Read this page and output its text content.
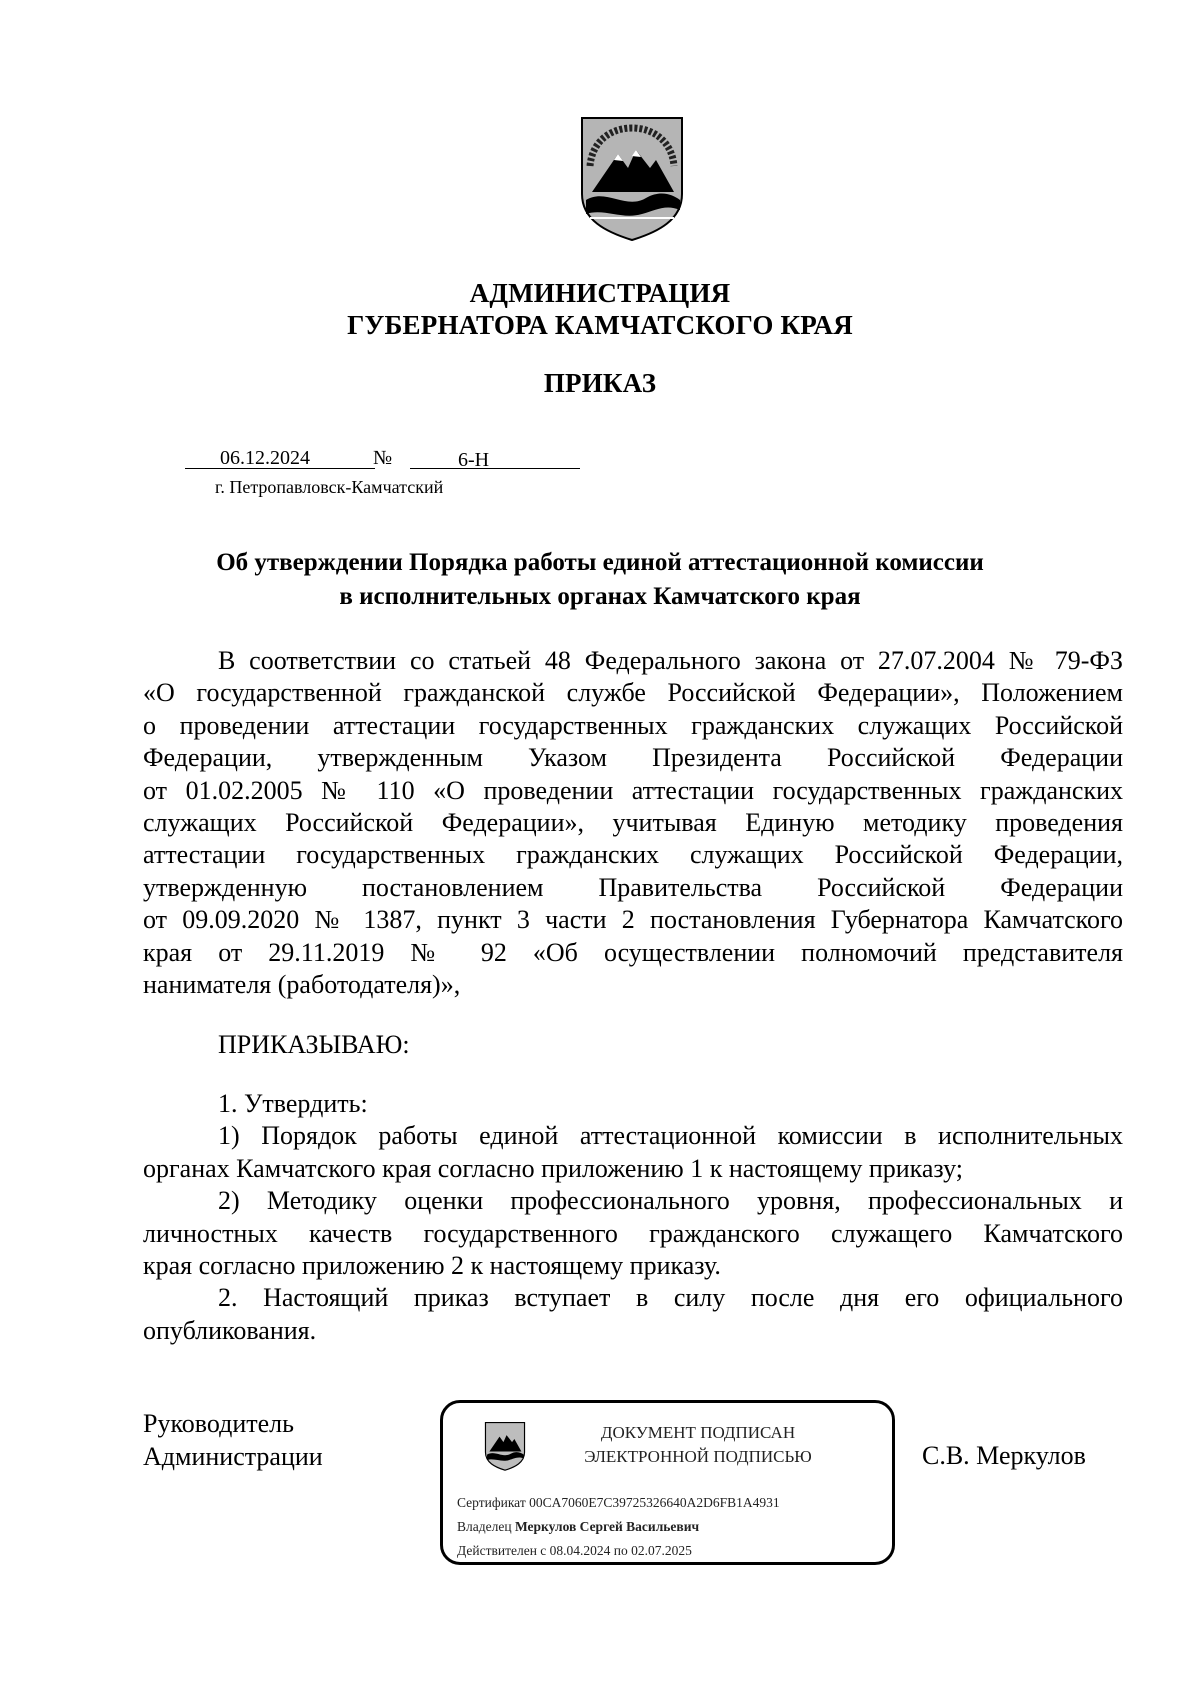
АДМИНИСТРАЦИЯ
ГУБЕРНАТОРА КАМЧАТСКОГО КРАЯ
ПРИКАЗ
06.12.2024	№	6-Н
г. Петропавловск-Камчатский
Об утверждении Порядка работы единой аттестационной комиссии
в исполнительных органах Камчатского края
В соответствии со статьей 48 Федерального закона от 27.07.2004 № 79-ФЗ
«О государственной гражданской службе Российской Федерации», Положением
о проведении аттестации государственных гражданских служащих Российской
Федерации, утвержденным Указом Президента Российской Федерации
от 01.02.2005 № 110 «О проведении аттестации государственных гражданских
служащих Российской Федерации», учитывая Единую методику проведения
аттестации государственных гражданских служащих Российской Федерации,
утвержденную постановлением Правительства Российской Федерации
от 09.09.2020 № 1387, пункт 3 части 2 постановления Губернатора Камчатского
края от 29.11.2019 № 92 «Об осуществлении полномочий представителя
нанимателя (работодателя)»,
ПРИКАЗЫВАЮ:
1. Утвердить:
1) Порядок работы единой аттестационной комиссии в исполнительных
органах Камчатского края согласно приложению 1 к настоящему приказу;
2) Методику оценки профессионального уровня, профессиональных и
личностных качеств государственного гражданского служащего Камчатского
края согласно приложению 2 к настоящему приказу.
2. Настоящий приказ вступает в силу после дня его официального
опубликования.
Руководитель
Администрации	С.В. Меркулов
ДОКУМЕНТ ПОДПИСАН
ЭЛЕКТРОННОЙ ПОДПИСЬЮ
Сертификат 00CA7060E7C39725326640A2D6FB1A4931
Владелец Меркулов Сергей Васильевич
Действителен с 08.04.2024 по 02.07.2025
